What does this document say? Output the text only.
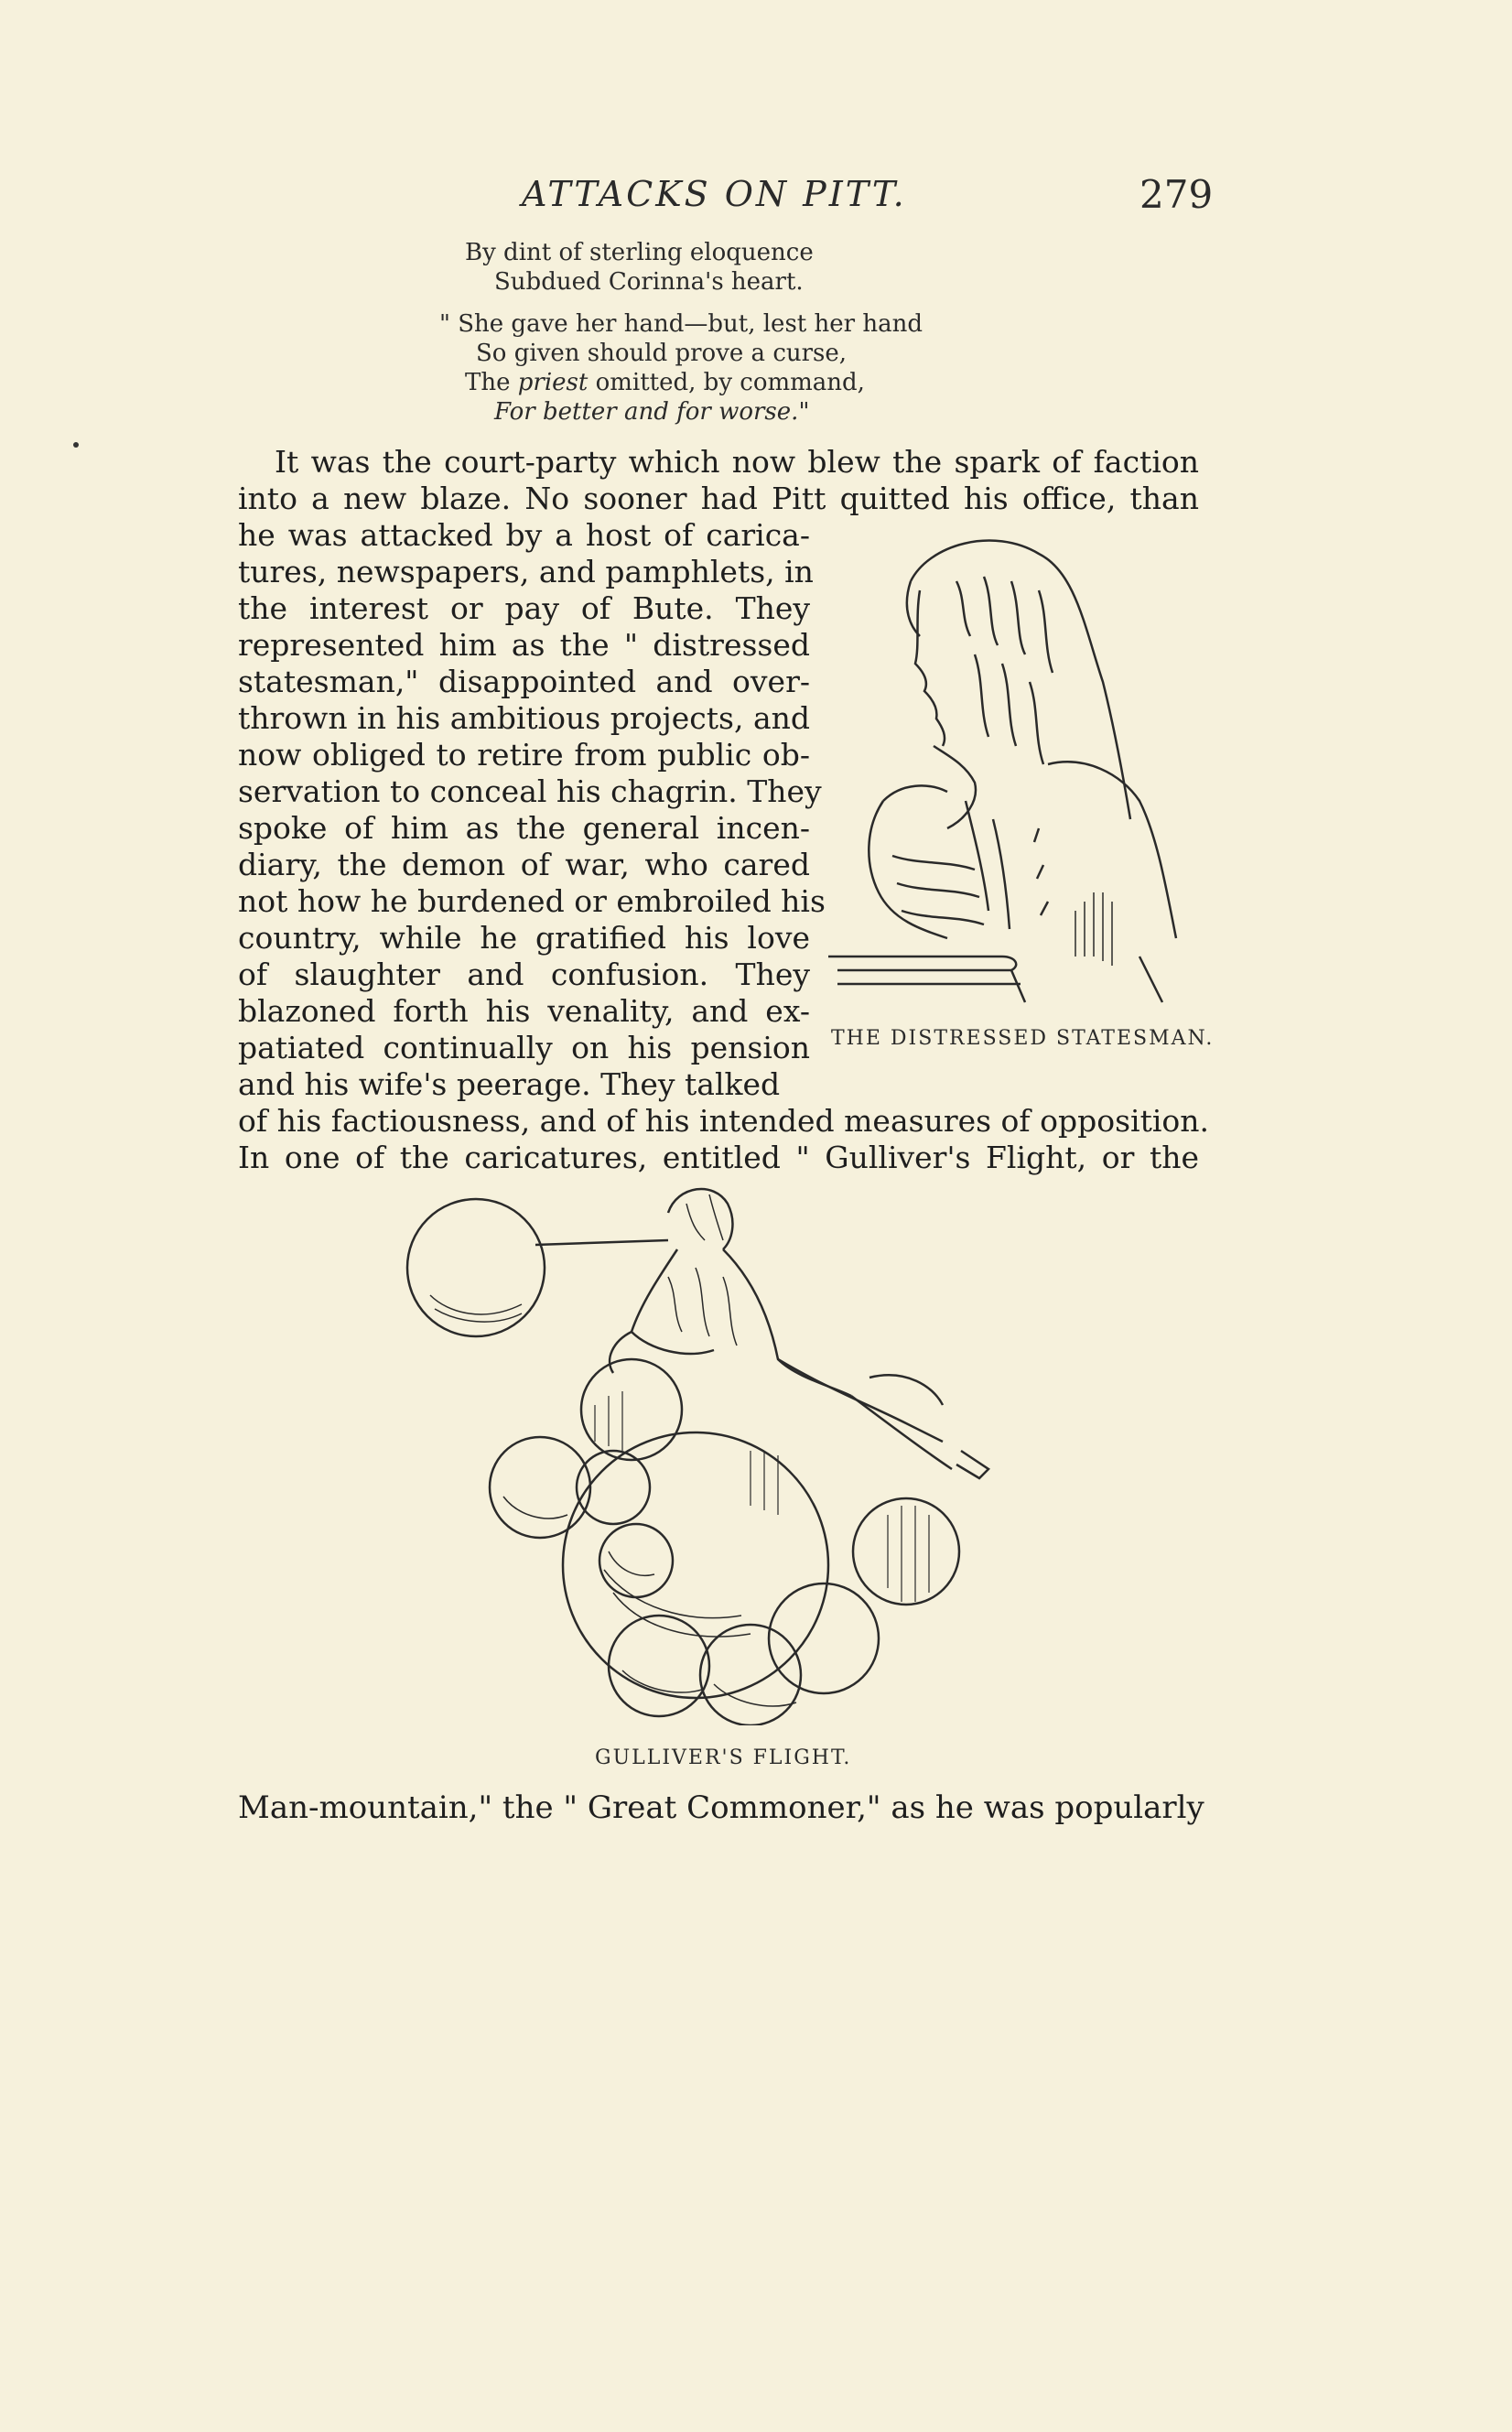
ATTACKS ON PITT.	279
By dint of sterling eloquence
Subdued Corinna's heart.
" She gave her hand—but, lest her hand
So given should prove a curse,
The priest omitted, by command,
For better and for worse."
It was the court-party which now blew the spark of faction
into a new blaze. No sooner had Pitt quitted his office, than
he was attacked by a host of carica-
tures, newspapers, and pamphlets, in
the interest or pay of Bute. They
represented him as the " distressed
statesman," disappointed and over-
thrown in his ambitious projects, and
now obliged to retire from public ob-
servation to conceal his chagrin. They
spoke of him as the general incen-
diary, the demon of war, who cared
not how he burdened or embroiled his
country, while he gratified his love
of slaughter and confusion. They
blazoned forth his venality, and ex-
patiated continually on his pension
and his wife's peerage. They talked
of his factiousness, and of his intended measures of opposition.
In one of the caricatures, entitled " Gulliver's Flight, or the
THE DISTRESSED STATESMAN.
GULLIVER'S FLIGHT.
Man-mountain," the " Great Commoner," as he was popularly
